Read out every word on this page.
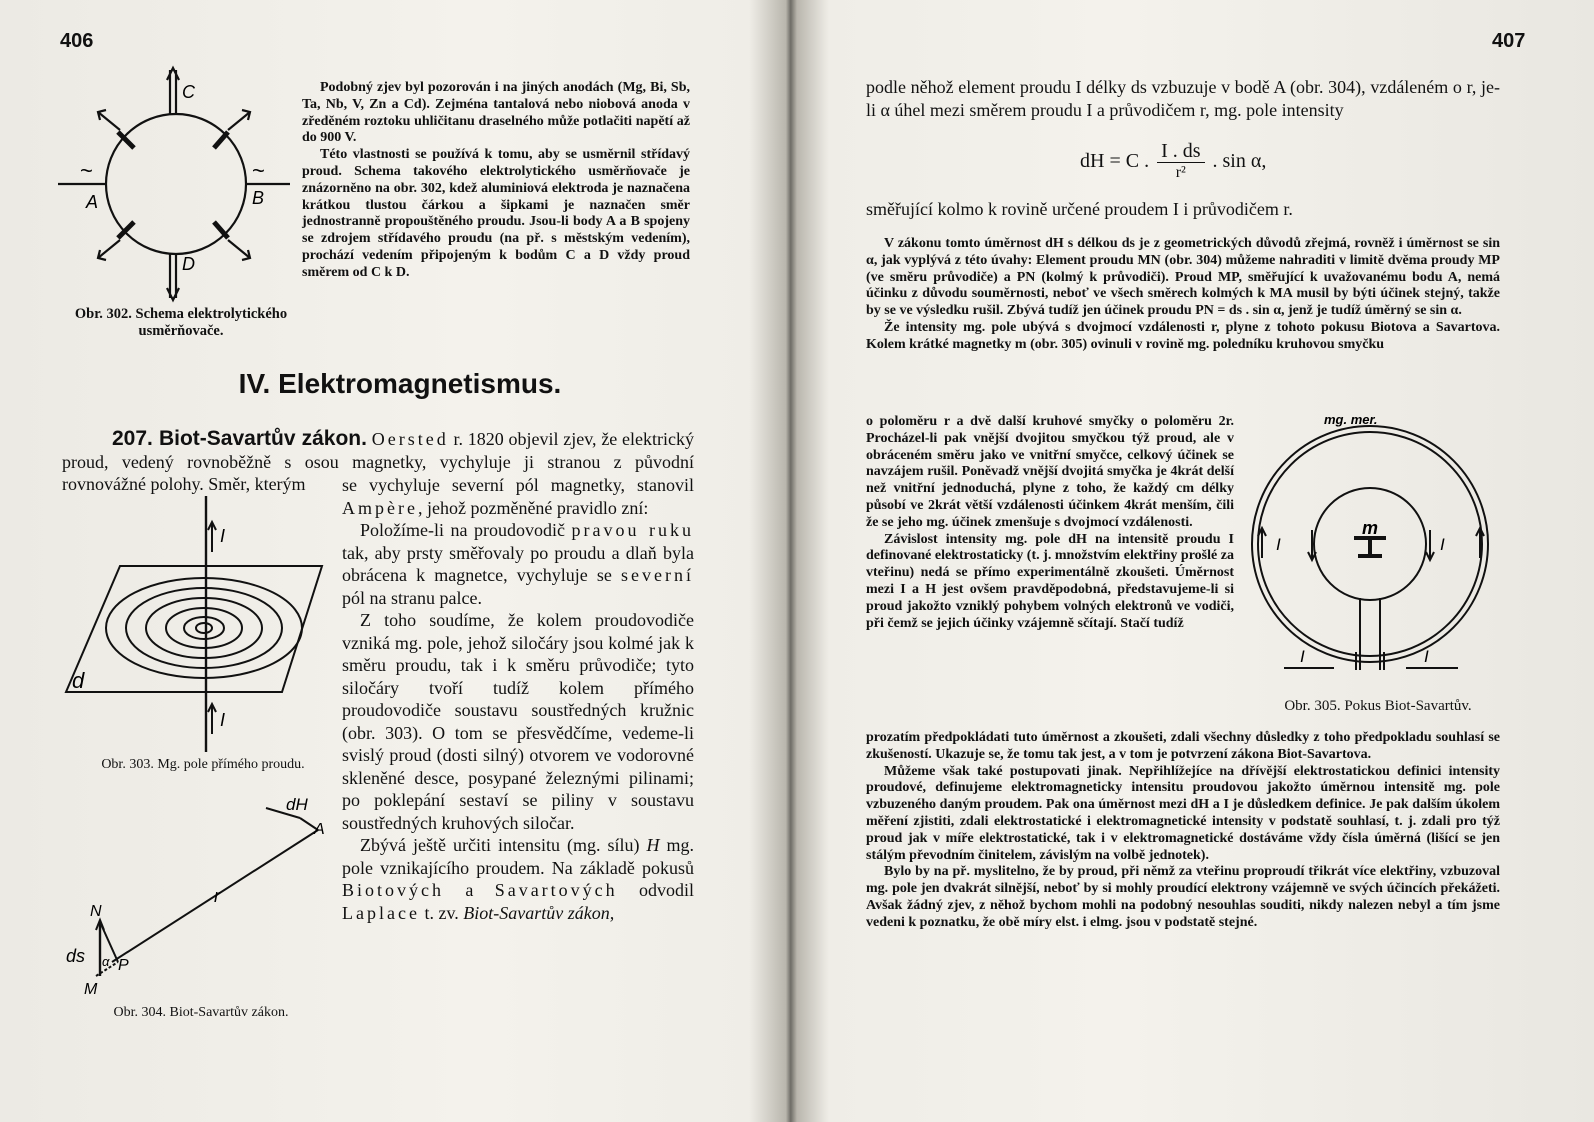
406
C
D
A	B
~	~
Obr. 302. Schema elektrolytického usměrňovače.

Podobný zjev byl pozorován i na jiných anodách (Mg, Bi, Sb, Ta, Nb, V, Zn a Cd). Zejména tantalová nebo niobová anoda v zředěném roztoku uhličitanu draselného může potlačiti napětí až do 900 V.

Této vlastnosti se používá k tomu, aby se usměrnil střídavý proud. Schema takového elektrolytického usměrňovače je znázorněno na obr. 302, kdež aluminiová elektroda je naznačena krátkou tlustou čárkou a šipkami je naznačen směr jednostranně propouštěného proudu. Jsou-li body A a B spojeny se zdrojem střídavého proudu (na př. s městským vedením), prochází vedením připojeným k bodům C a D vždy proud směrem od C k D.

IV. Elektromagnetismus.

207. Biot-Savartův zákon. Oersted r. 1820 objevil zjev, že elektrický proud, vedený rovnoběžně s osou magnetky, vychyluje ji stranou z původní rovnovážné polohy. Směr, kterým

I
I
d
Obr. 303. Mg. pole přímého proudu.
dH
A
r
N
ds α P
M
Obr. 304. Biot-Savartův zákon.

se vychyluje severní pól magnetky, stanovil Ampère, jehož pozměněné pravidlo zní:

Položíme-li na proudovodič pravou ruku tak, aby prsty směřovaly po proudu a dlaň byla obrácena k magnetce, vychyluje se severní pól na stranu palce.

Z toho soudíme, že kolem proudovodiče vzniká mg. pole, jehož siločáry jsou kolmé jak k směru proudu, tak i k směru průvodiče; tyto siločáry tvoří tudíž kolem přímého proudovodiče soustavu soustředných kružnic (obr. 303). O tom se přesvědčíme, vedeme-li svislý proud (dosti silný) otvorem ve vodorovné skleněné desce, posypané železnými pilinami; po poklepání sestaví se piliny v soustavu soustředných kruhových siločar.

Zbývá ještě určiti intensitu (mg. sílu) H mg. pole vznikajícího proudem. Na základě pokusů Biotových a Savartových odvodil Laplace t. zv. Biot-Savartův zákon,

407
podle něhož element proudu I délky ds vzbuzuje v bodě A (obr. 304), vzdáleném o r, je-li α úhel mezi směrem proudu I a průvodičem r, mg. pole intensity
dH = C . $\frac{I . ds}{\text{r²}}$ . sin α,
směřující kolmo k rovině určené proudem I i průvodičem r.

V zákonu tomto úměrnost dH s délkou ds je z geometrických důvodů zřejmá, rovněž i úměrnost se sin α, jak vyplývá z této úvahy: Element proudu MN (obr. 304) můžeme nahraditi v limitě dvěma proudy MP (ve směru průvodiče) a PN (kolmý k průvodiči). Proud MP, směřující k uvažovanému bodu A, nemá účinku z důvodu souměrnosti, neboť ve všech směrech kolmých k MA musil by býti účinek stejný, takže by se ve výsledku rušil. Zbývá tudíž jen účinek proudu PN = ds . sin α, jenž je tudíž úměrný se sin α.

Že intensity mg. pole ubývá s dvojmocí vzdálenosti r, plyne z tohoto pokusu Biotova a Savartova. Kolem krátké magnetky m (obr. 305) ovinuli v rovině mg. poledníku kruhovou smyčku

o poloměru r a dvě další kruhové smyčky o poloměru 2r. Procházel-li pak vnější dvojitou smyčkou týž proud, ale v obráceném směru jako ve vnitřní smyčce, celkový účinek se navzájem rušil. Poněvadž vnější dvojitá smyčka je 4krát delší než vnitřní jednoduchá, plyne z toho, že každý cm délky působí ve 2krát větší vzdálenosti účinkem 4krát menším, čili že se jeho mg. účinek zmenšuje s dvojmocí vzdálenosti.

Závislost intensity mg. pole dH na intensitě proudu I definované elektrostaticky (t. j. množstvím elektřiny prošlé za vteřinu) nedá se přímo experimentálně zkoušeti. Úměrnost mezi I a H jest ovšem pravděpodobná, představujeme-li si proud jakožto vzniklý pohybem volných elektronů ve vodiči, při čemž se jejich účinky vzájemně sčítají. Stačí tudíž

mg. mer.
m
I	I
I	I
Obr. 305. Pokus Biot-Savartův.

prozatím předpokládati tuto úměrnost a zkoušeti, zdali všechny důsledky z toho předpokladu souhlasí se zkušeností. Ukazuje se, že tomu tak jest, a v tom je potvrzení zákona Biot-Savartova.

Můžeme však také postupovati jinak. Nepřihlížejíce na dřívější elektrostatickou definici intensity proudové, definujeme elektromagneticky intensitu proudovou jakožto úměrnou intensitě mg. pole vzbuzeného daným proudem. Pak ona úměrnost mezi dH a I je důsledkem definice. Je pak dalším úkolem měření zjistiti, zdali elektrostatické i elektromagnetické intensity v podstatě souhlasí, t. j. zdali pro týž proud jak v míře elektrostatické, tak i v elektromagnetické dostáváme vždy čísla úměrná (lišící se jen stálým převodním činitelem, závislým na volbě jednotek).

Bylo by na př. myslitelno, že by proud, při němž za vteřinu proproudí třikrát více elektřiny, vzbuzoval mg. pole jen dvakrát silnější, neboť by si mohly proudící elektrony vzájemně ve svých účincích překážeti. Avšak žádný zjev, z něhož bychom mohli na podobný nesouhlas souditi, nikdy nalezen nebyl a tím jsme vedeni k poznatku, že obě míry elst. i elmg. jsou v podstatě stejné.
